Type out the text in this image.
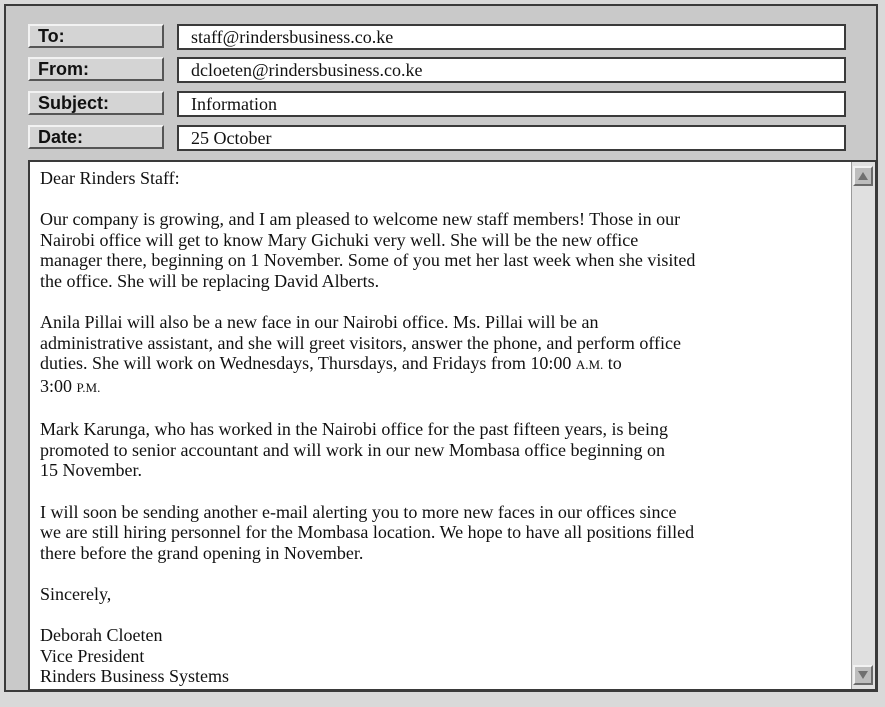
To:	staff@rindersbusiness.co.ke
From:	dcloeten@rindersbusiness.co.ke
Subject:	Information
Date:	25 October

Dear Rinders Staff:

Our company is growing, and I am pleased to welcome new staff members! Those in our
Nairobi office will get to know Mary Gichuki very well. She will be the new office
manager there, beginning on 1 November. Some of you met her last week when she visited
the office. She will be replacing David Alberts.

Anila Pillai will also be a new face in our Nairobi office. Ms. Pillai will be an
administrative assistant, and she will greet visitors, answer the phone, and perform office
duties. She will work on Wednesdays, Thursdays, and Fridays from 10:00 A.M. to
3:00 P.M.

Mark Karunga, who has worked in the Nairobi office for the past fifteen years, is being
promoted to senior accountant and will work in our new Mombasa office beginning on
15 November.

I will soon be sending another e-mail alerting you to more new faces in our offices since
we are still hiring personnel for the Mombasa location. We hope to have all positions filled
there before the grand opening in November.

Sincerely,

Deborah Cloeten
Vice President
Rinders Business Systems
